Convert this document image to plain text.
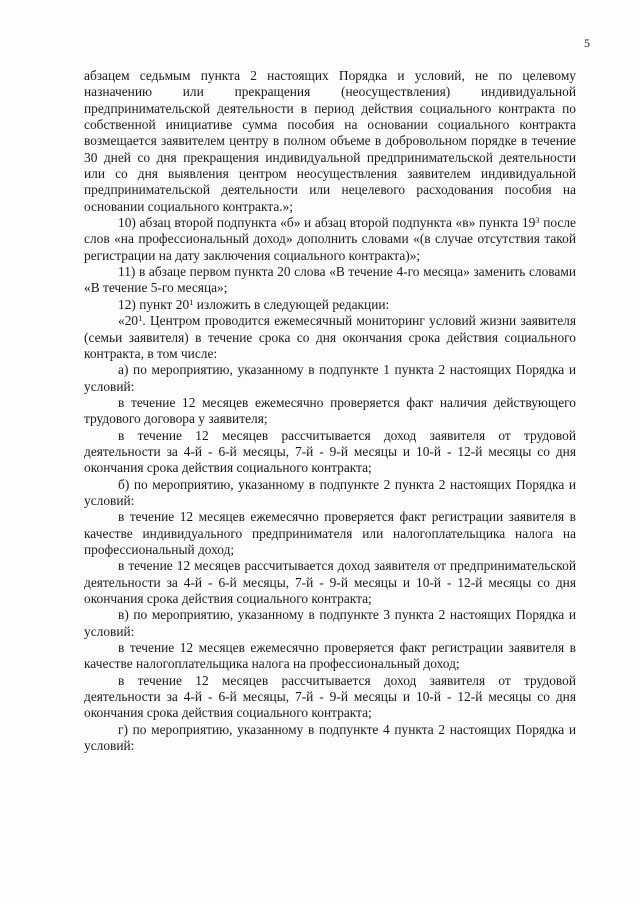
5

абзацем седьмым пункта 2 настоящих Порядка и условий, не по целевому назначению или прекращения (неосуществления) индивидуальной предпринимательской деятельности в период действия социального контракта по собственной инициативе сумма пособия на основании социального контракта возмещается заявителем центру в полном объеме в добровольном порядке в течение 30 дней со дня прекращения индивидуальной предпринимательской деятельности или со дня выявления центром неосуществления заявителем индивидуальной предпринимательской деятельности или нецелевого расходования пособия на основании социального контракта.»;

10) абзац второй подпункта «б» и абзац второй подпункта «в» пункта $19^3$ после слов «на профессиональный доход» дополнить словами «(в случае отсутствия такой регистрации на дату заключения социального контракта)»;

11) в абзаце первом пункта 20 слова «В течение 4-го месяца» заменить словами «В течение 5-го месяца»;

12) пункт $20^1$ изложить в следующей редакции:

«$20^1$. Центром проводится ежемесячный мониторинг условий жизни заявителя (семьи заявителя) в течение срока со дня окончания срока действия социального контракта, в том числе:

а) по мероприятию, указанному в подпункте 1 пункта 2 настоящих Порядка и условий:

в течение 12 месяцев ежемесячно проверяется факт наличия действующего трудового договора у заявителя;

в течение 12 месяцев рассчитывается доход заявителя от трудовой деятельности за 4-й - 6-й месяцы, 7-й - 9-й месяцы и 10-й - 12-й месяцы со дня окончания срока действия социального контракта;

б) по мероприятию, указанному в подпункте 2 пункта 2 настоящих Порядка и условий:

в течение 12 месяцев ежемесячно проверяется факт регистрации заявителя в качестве индивидуального предпринимателя или налогоплательщика налога на профессиональный доход;

в течение 12 месяцев рассчитывается доход заявителя от предпринимательской деятельности за 4-й - 6-й месяцы, 7-й - 9-й месяцы и 10-й - 12-й месяцы со дня окончания срока действия социального контракта;

в) по мероприятию, указанному в подпункте 3 пункта 2 настоящих Порядка и условий:

в течение 12 месяцев ежемесячно проверяется факт регистрации заявителя в качестве налогоплательщика налога на профессиональный доход;

в течение 12 месяцев рассчитывается доход заявителя от трудовой деятельности за 4-й - 6-й месяцы, 7-й - 9-й месяцы и 10-й - 12-й месяцы со дня окончания срока действия социального контракта;

г) по мероприятию, указанному в подпункте 4 пункта 2 настоящих Порядка и условий:
